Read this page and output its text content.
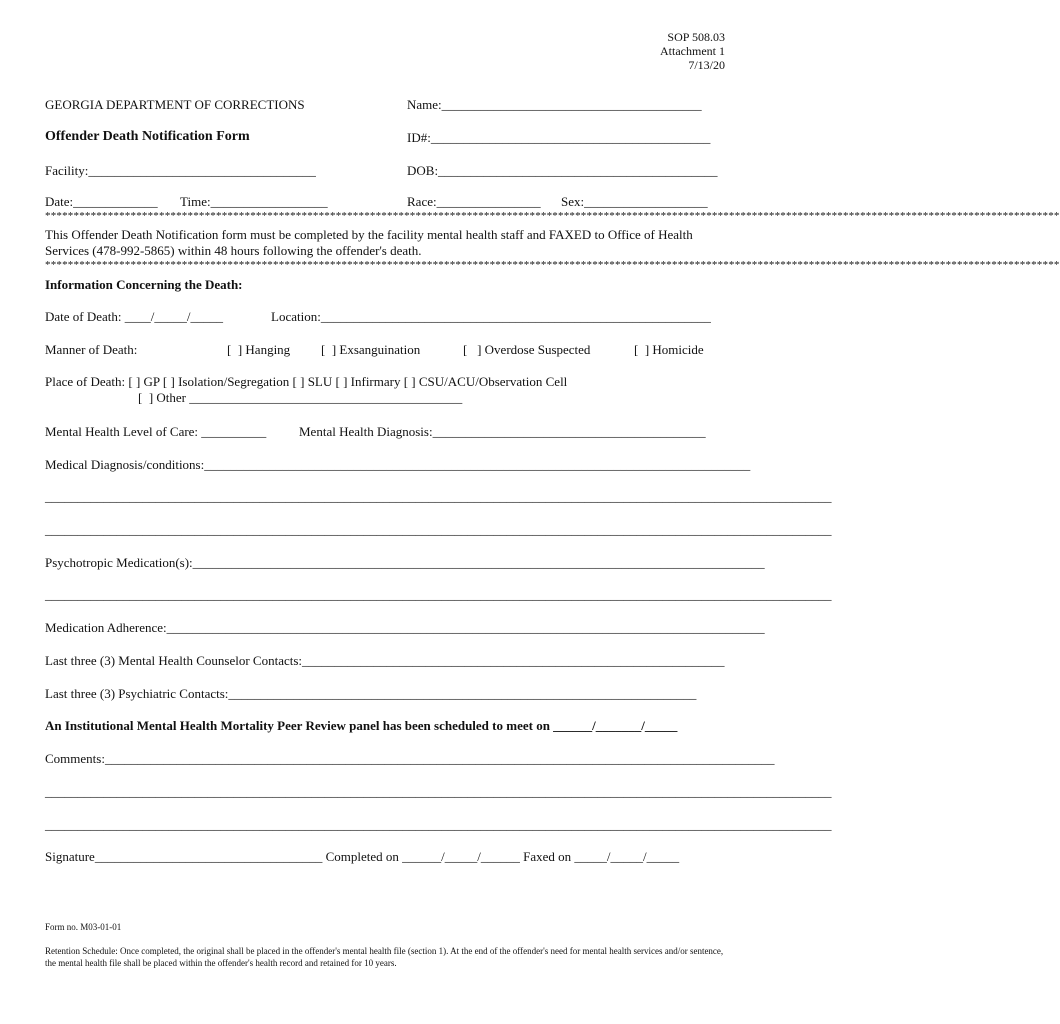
SOP 508.03
Attachment 1
7/13/20
GEORGIA DEPARTMENT OF CORRECTIONS	Name:________________________________________
Offender Death Notification Form	ID#:___________________________________________
Facility:___________________________________	DOB:___________________________________________
Date:_____________ Time:__________________	Race:________________ Sex:___________________
**********************************************************************************************************************************************************************************
This Offender Death Notification form must be completed by the facility mental health staff and FAXED to Office of Health Services (478-992-5865) within 48 hours following the offender's death.
**********************************************************************************************************************************************************************************
Information Concerning the Death:
Date of Death: ____/_____/_____	Location:____________________________________________________________
Manner of Death:	[  ] Hanging [  ] Exsanguination	[   ] Overdose Suspected	[  ] Homicide
Place of Death: [ ] GP [ ] Isolation/Segregation [ ] SLU [ ] Infirmary [ ] CSU/ACU/Observation Cell
[  ] Other __________________________________________
Mental Health Level of Care: __________	Mental Health Diagnosis:__________________________________________
Medical Diagnosis/conditions:____________________________________________________________________________________
_________________________________________________________________________________________________________________________
_________________________________________________________________________________________________________________________
Psychotropic Medication(s):________________________________________________________________________________________
_________________________________________________________________________________________________________________________
Medication Adherence:____________________________________________________________________________________________
Last three (3) Mental Health Counselor Contacts:_________________________________________________________________
Last three (3) Psychiatric Contacts:________________________________________________________________________
An Institutional Mental Health Mortality Peer Review panel has been scheduled to meet on ______/_______/_____
Comments:_______________________________________________________________________________________________________
_________________________________________________________________________________________________________________________
_________________________________________________________________________________________________________________________
Signature___________________________________ Completed on ______/_____/______ Faxed on _____/_____/_____
Form no. M03-01-01
Retention Schedule: Once completed, the original shall be placed in the offender's mental health file (section 1). At the end of the offender's need for mental health services and/or sentence, the mental health file shall be placed within the offender's health record and retained for 10 years.
